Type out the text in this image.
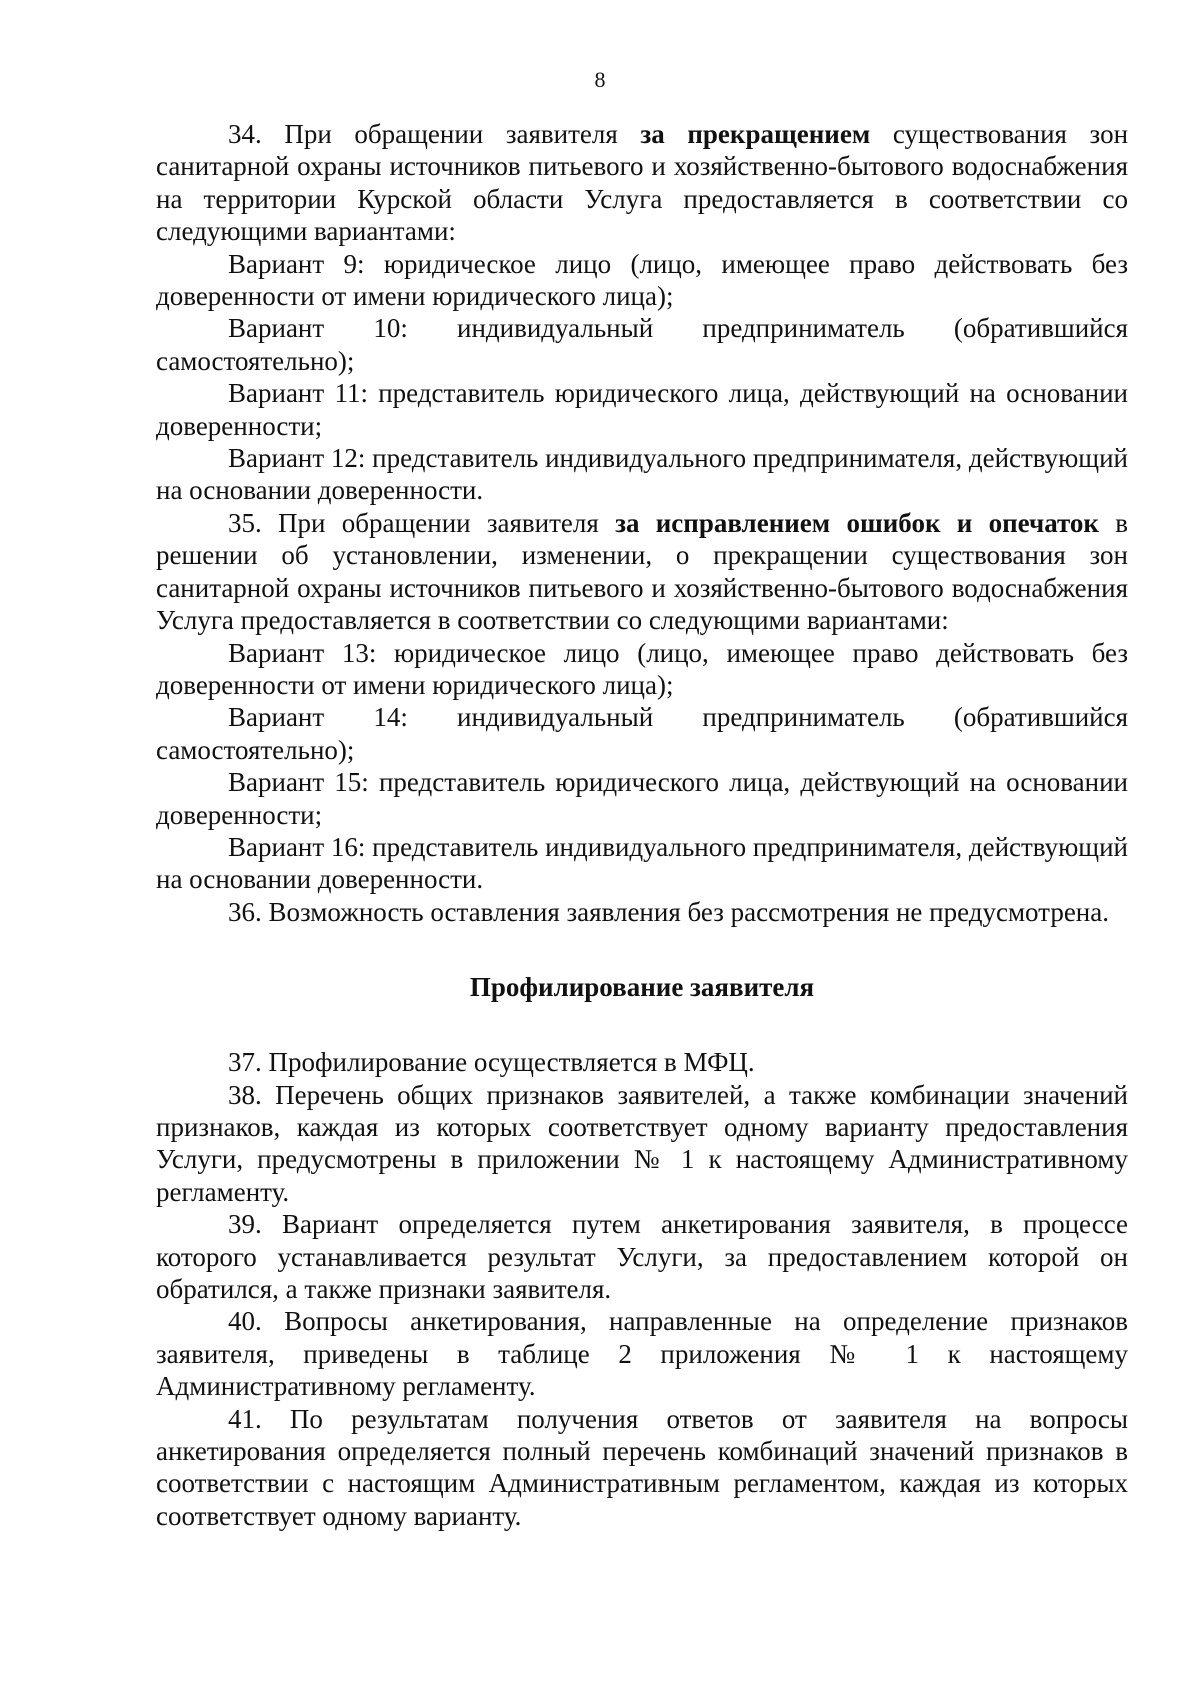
8

34. При обращении заявителя за прекращением существования зон санитарной охраны источников питьевого и хозяйственно-бытового водоснабжения на территории Курской области Услуга предоставляется в соответствии со следующими вариантами:

Вариант 9: юридическое лицо (лицо, имеющее право действовать без доверенности от имени юридического лица);

Вариант 10: индивидуальный предприниматель (обратившийся самостоятельно);

Вариант 11: представитель юридического лица, действующий на основании доверенности;

Вариант 12: представитель индивидуального предпринимателя, действующий на основании доверенности.

35. При обращении заявителя за исправлением ошибок и опечаток в решении об установлении, изменении, о прекращении существования зон санитарной охраны источников питьевого и хозяйственно-бытового водоснабжения Услуга предоставляется в соответствии со следующими вариантами:

Вариант 13: юридическое лицо (лицо, имеющее право действовать без доверенности от имени юридического лица);

Вариант 14: индивидуальный предприниматель (обратившийся самостоятельно);

Вариант 15: представитель юридического лица, действующий на основании доверенности;

Вариант 16: представитель индивидуального предпринимателя, действующий на основании доверенности.

36. Возможность оставления заявления без рассмотрения не предусмотрена.

Профилирование заявителя

37. Профилирование осуществляется в МФЦ.

38. Перечень общих признаков заявителей, а также комбинации значений признаков, каждая из которых соответствует одному варианту предоставления Услуги, предусмотрены в приложении № 1 к настоящему Административному регламенту.

39. Вариант определяется путем анкетирования заявителя, в процессе которого устанавливается результат Услуги, за предоставлением которой он обратился, а также признаки заявителя.

40. Вопросы анкетирования, направленные на определение признаков заявителя, приведены в таблице 2 приложения № 1 к настоящему Административному регламенту.

41. По результатам получения ответов от заявителя на вопросы анкетирования определяется полный перечень комбинаций значений признаков в соответствии с настоящим Административным регламентом, каждая из которых соответствует одному варианту.
